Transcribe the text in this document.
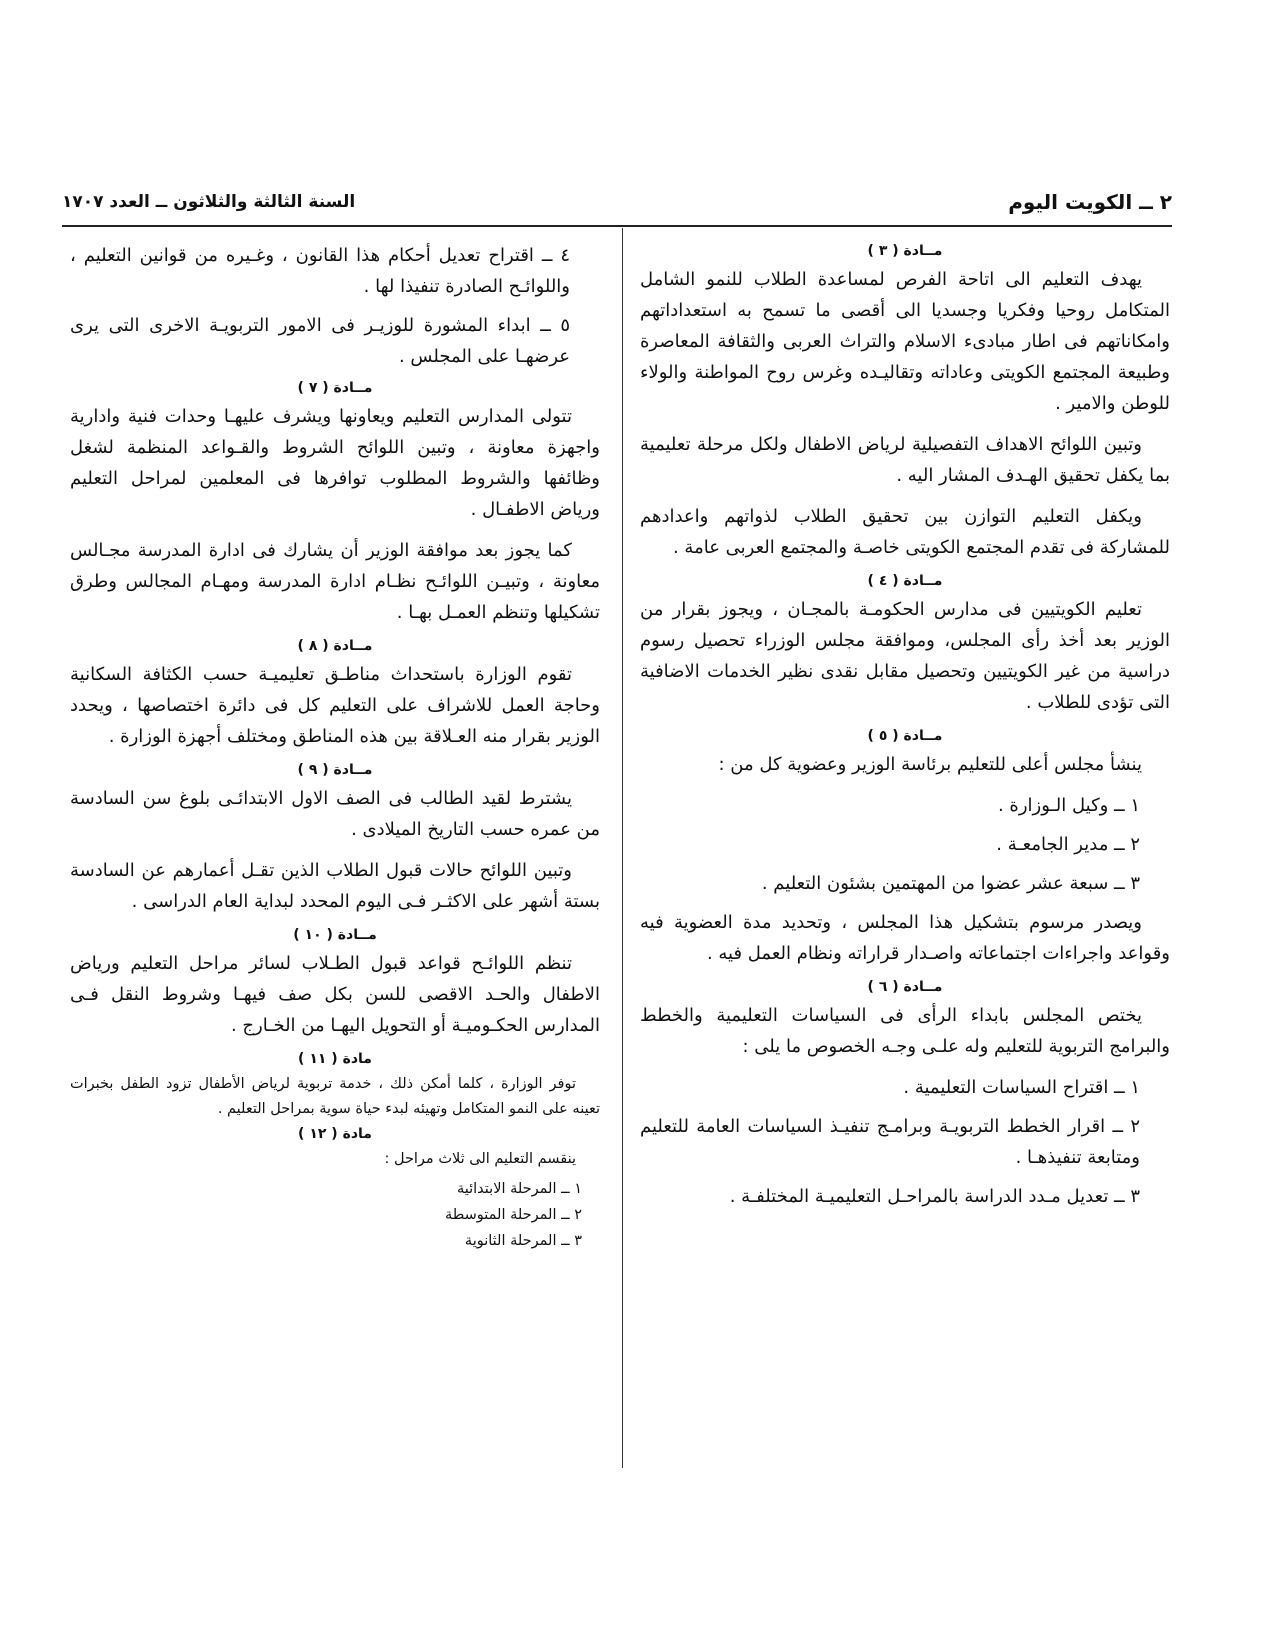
٢ ــ الكويت اليوم
السنة الثالثة والثلاثون ــ العدد ١٧٠٧
مــادة ( ٣ )

يهدف التعليم الى اتاحة الفرص لمساعدة الطلاب للنمو الشامل المتكامل روحيا وفكريا وجسديا الى أقصى ما تسمح به استعداداتهم وامكاناتهم فى اطار مبادىء الاسلام والتراث العربى والثقافة المعاصرة وطبيعة المجتمع الكويتى وعاداته وتقاليـده وغرس روح المواطنة والولاء للوطن والامير .

وتبين اللوائح الاهداف التفصيلية لرياض الاطفال ولكل مرحلة تعليمية بما يكفل تحقيق الهـدف المشار اليه .

ويكفل التعليم التوازن بين تحقيق الطلاب لذواتهم واعدادهم للمشاركة فى تقدم المجتمع الكويتى خاصـة والمجتمع العربى عامة .

مــادة ( ٤ )

تعليم الكويتيين فى مدارس الحكومـة بالمجـان ، ويجوز بقرار من الوزير بعد أخذ رأى المجلس، وموافقة مجلس الوزراء تحصيل رسوم دراسية من غير الكويتيين وتحصيل مقابل نقدى نظير الخدمات الاضافية التى تؤدى للطلاب .

مــادة ( ٥ )

ينشأ مجلس أعلى للتعليم برئاسة الوزير وعضوية كل من :

١ ــ وكيل الـوزارة .
٢ ــ مدير الجامعـة .
٣ ــ سبعة عشر عضوا من المهتمين بشئون التعليم .

ويصدر مرسوم بتشكيل هذا المجلس ، وتحديد مدة العضوية فيه وقواعد واجراءات اجتماعاته واصـدار قراراته ونظام العمل فيه .

مــادة ( ٦ )

يختص المجلس بابداء الرأى فى السياسات التعليمية والخطط والبرامج التربوية للتعليم وله علـى وجـه الخصوص ما يلى :

١ ــ اقتراح السياسات التعليمية .
٢ ــ اقرار الخطط التربويـة وبرامـج تنفيـذ السياسات العامة للتعليم ومتابعة تنفيذهـا .
٣ ــ تعديل مـدد الدراسة بالمراحـل التعليميـة المختلفـة .
٤ ــ اقتراح تعديل أحكام هذا القانون ، وغـيره من قوانين التعليم ، واللوائـح الصادرة تنفيذا لها .
٥ ــ ابداء المشورة للوزيـر فى الامور التربويـة الاخرى التى يرى عرضهـا على المجلس .
مــادة ( ٧ )

تتولى المدارس التعليم ويعاونها ويشرف عليهـا وحدات فنية وادارية واجهزة معاونة ، وتبين اللوائح الشروط والقـواعد المنظمة لشغل وظائفها والشروط المطلوب توافرها فى المعلمين لمراحل التعليم ورياض الاطفـال .

كما يجوز بعد موافقة الوزير أن يشارك فى ادارة المدرسة مجـالس معاونة ، وتبيـن اللوائـح نظـام ادارة المدرسة ومهـام المجالس وطرق تشكيلها وتنظم العمـل بهـا .

مــادة ( ٨ )

تقوم الوزارة باستحداث مناطـق تعليميـة حسب الكثافة السكانية وحاجة العمل للاشراف على التعليم كل فى دائرة اختصاصها ، ويحدد الوزير بقرار منه العـلاقة بين هذه المناطق ومختلف أجهزة الوزارة .

مــادة ( ٩ )

يشترط لقيد الطالب فى الصف الاول الابتدائـى بلوغ سن السادسة من عمره حسب التاريخ الميلادى .

وتبين اللوائح حالات قبول الطلاب الذين تقـل أعمارهم عن السادسة بستة أشهر على الاكثـر فـى اليوم المحدد لبداية العام الدراسى .

مــادة ( ١٠ )

تنظم اللوائـح قواعد قبول الطـلاب لسائر مراحل التعليم ورياض الاطفال والحـد الاقصى للسن بكل صف فيهـا وشروط النقل فـى المدارس الحكـوميـة أو التحويل اليهـا من الخـارج .

مادة ( ١١ )

توفر الوزارة ، كلما أمكن ذلك ، خدمة تربوية لرياض الأطفال تزود الطفل بخبرات تعينه على النمو المتكامل وتهيئه لبدء حياة سوية بمراحل التعليم .

مادة ( ١٢ )

ينقسم التعليم الى ثلاث مراحل :

١ ــ المرحلة الابتدائية
٢ ــ المرحلة المتوسطة
٣ ــ المرحلة الثانوية
